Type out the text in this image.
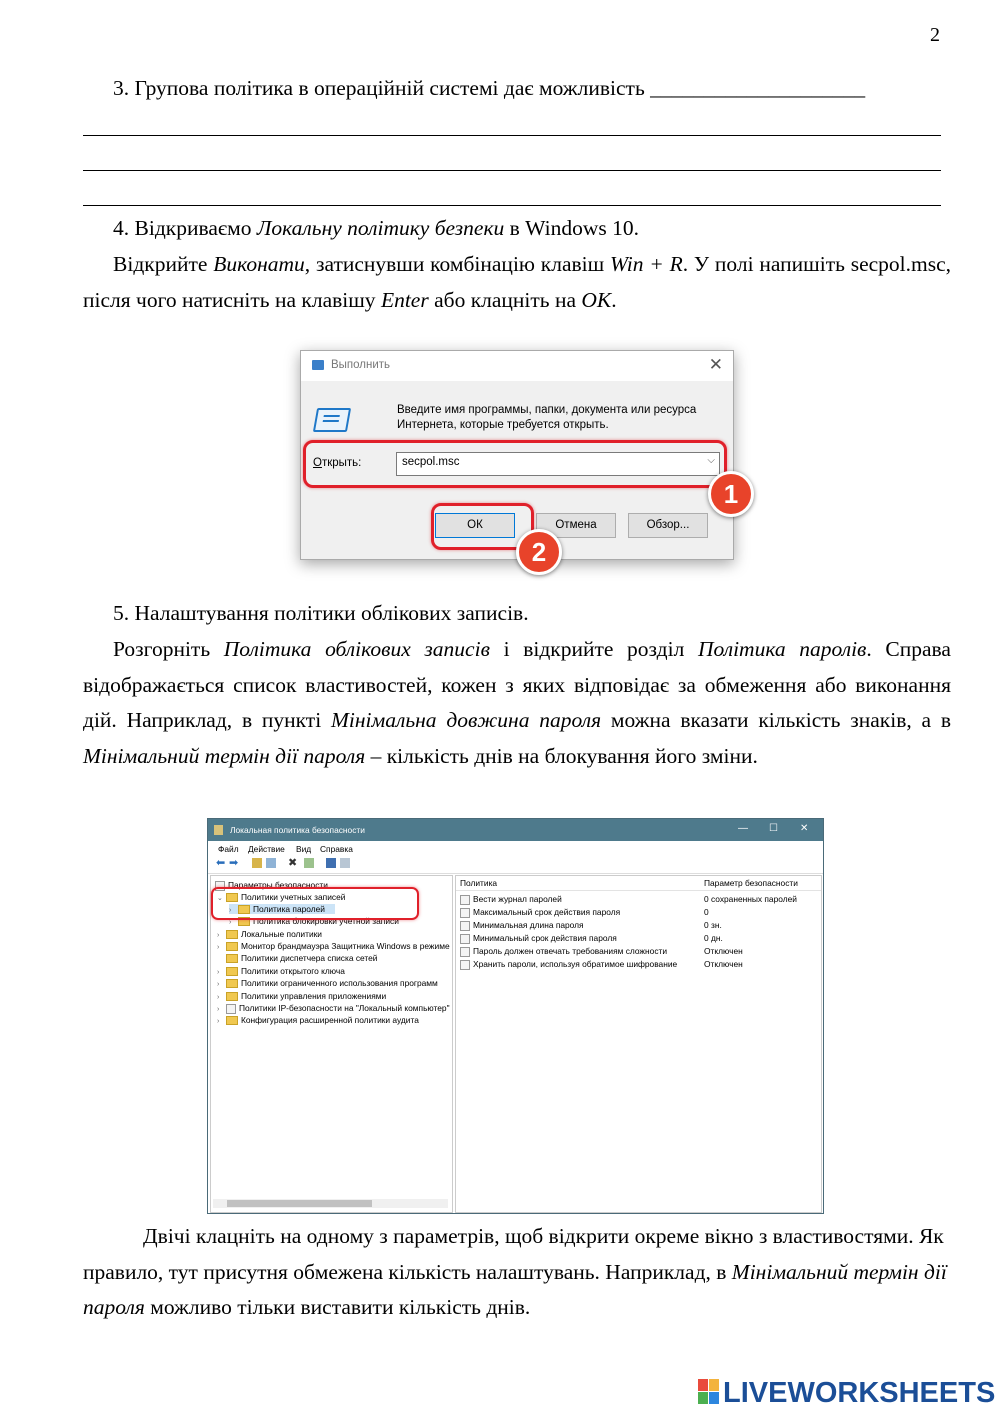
2
3. Групова політика в операційній системі дає можливість ____________________
4. Відкриваємо Локальну політику безпеки в Windows 10.
Відкрийте Виконати, затиснувши комбінацію клавіш Win + R. У полі напишіть secpol.msc, після чого натисніть на клавішу Enter або клацніть на ОК.
Выполнить	✕
Введите имя программы, папки, документа или ресурса Интернета, которые требуется открыть.
Открыть:	secpol.msc	⌵
ОК	Отмена	Обзор...
1
2
5. Налаштування політики облікових записів.
Розгорніть Політика облікових записів і відкрийте розділ Політика паролів. Справа відображається список властивостей, кожен з яких відповідає за обмеження або виконання дій. Наприклад, в пункті Мінімальна довжина пароля можна вказати кількість знаків, а в Мінімальний термін дії пароля – кількість днів на блокування його зміни.
Локальная политика безопасности	— ☐ ✕
Файл Действие Вид Справка
⬅ ➡	✖
Параметры безопасности
⌄ Политики учетных записей
›	Политика паролей
›	Политика блокировки учетной записи
›	Локальные политики
›	Монитор брандмауэра Защитника Windows в режиме
Политики диспетчера списка сетей
›	Политики открытого ключа
›	Политики ограниченного использования программ
›	Политики управления приложениями
› Политики IP-безопасности на "Локальный компьютер"
›	Конфигурация расширенной политики аудита
Политика	Параметр безопасности
Вести журнал паролей	0 сохраненных паролей
Максимальный срок действия пароля	0
Минимальная длина пароля	0 зн.
Минимальный срок действия пароля	0 дн.
Пароль должен отвечать требованиям сложности	Отключен
Хранить пароли, используя обратимое шифрование	Отключен
Двічі клацніть на одному з параметрів, щоб відкрити окреме вікно з властивостями. Як правило, тут присутня обмежена кількість налаштувань. Наприклад, в Мінімальний термін дії пароля можливо тільки виставити кількість днів.
LIVEWORKSHEETS
